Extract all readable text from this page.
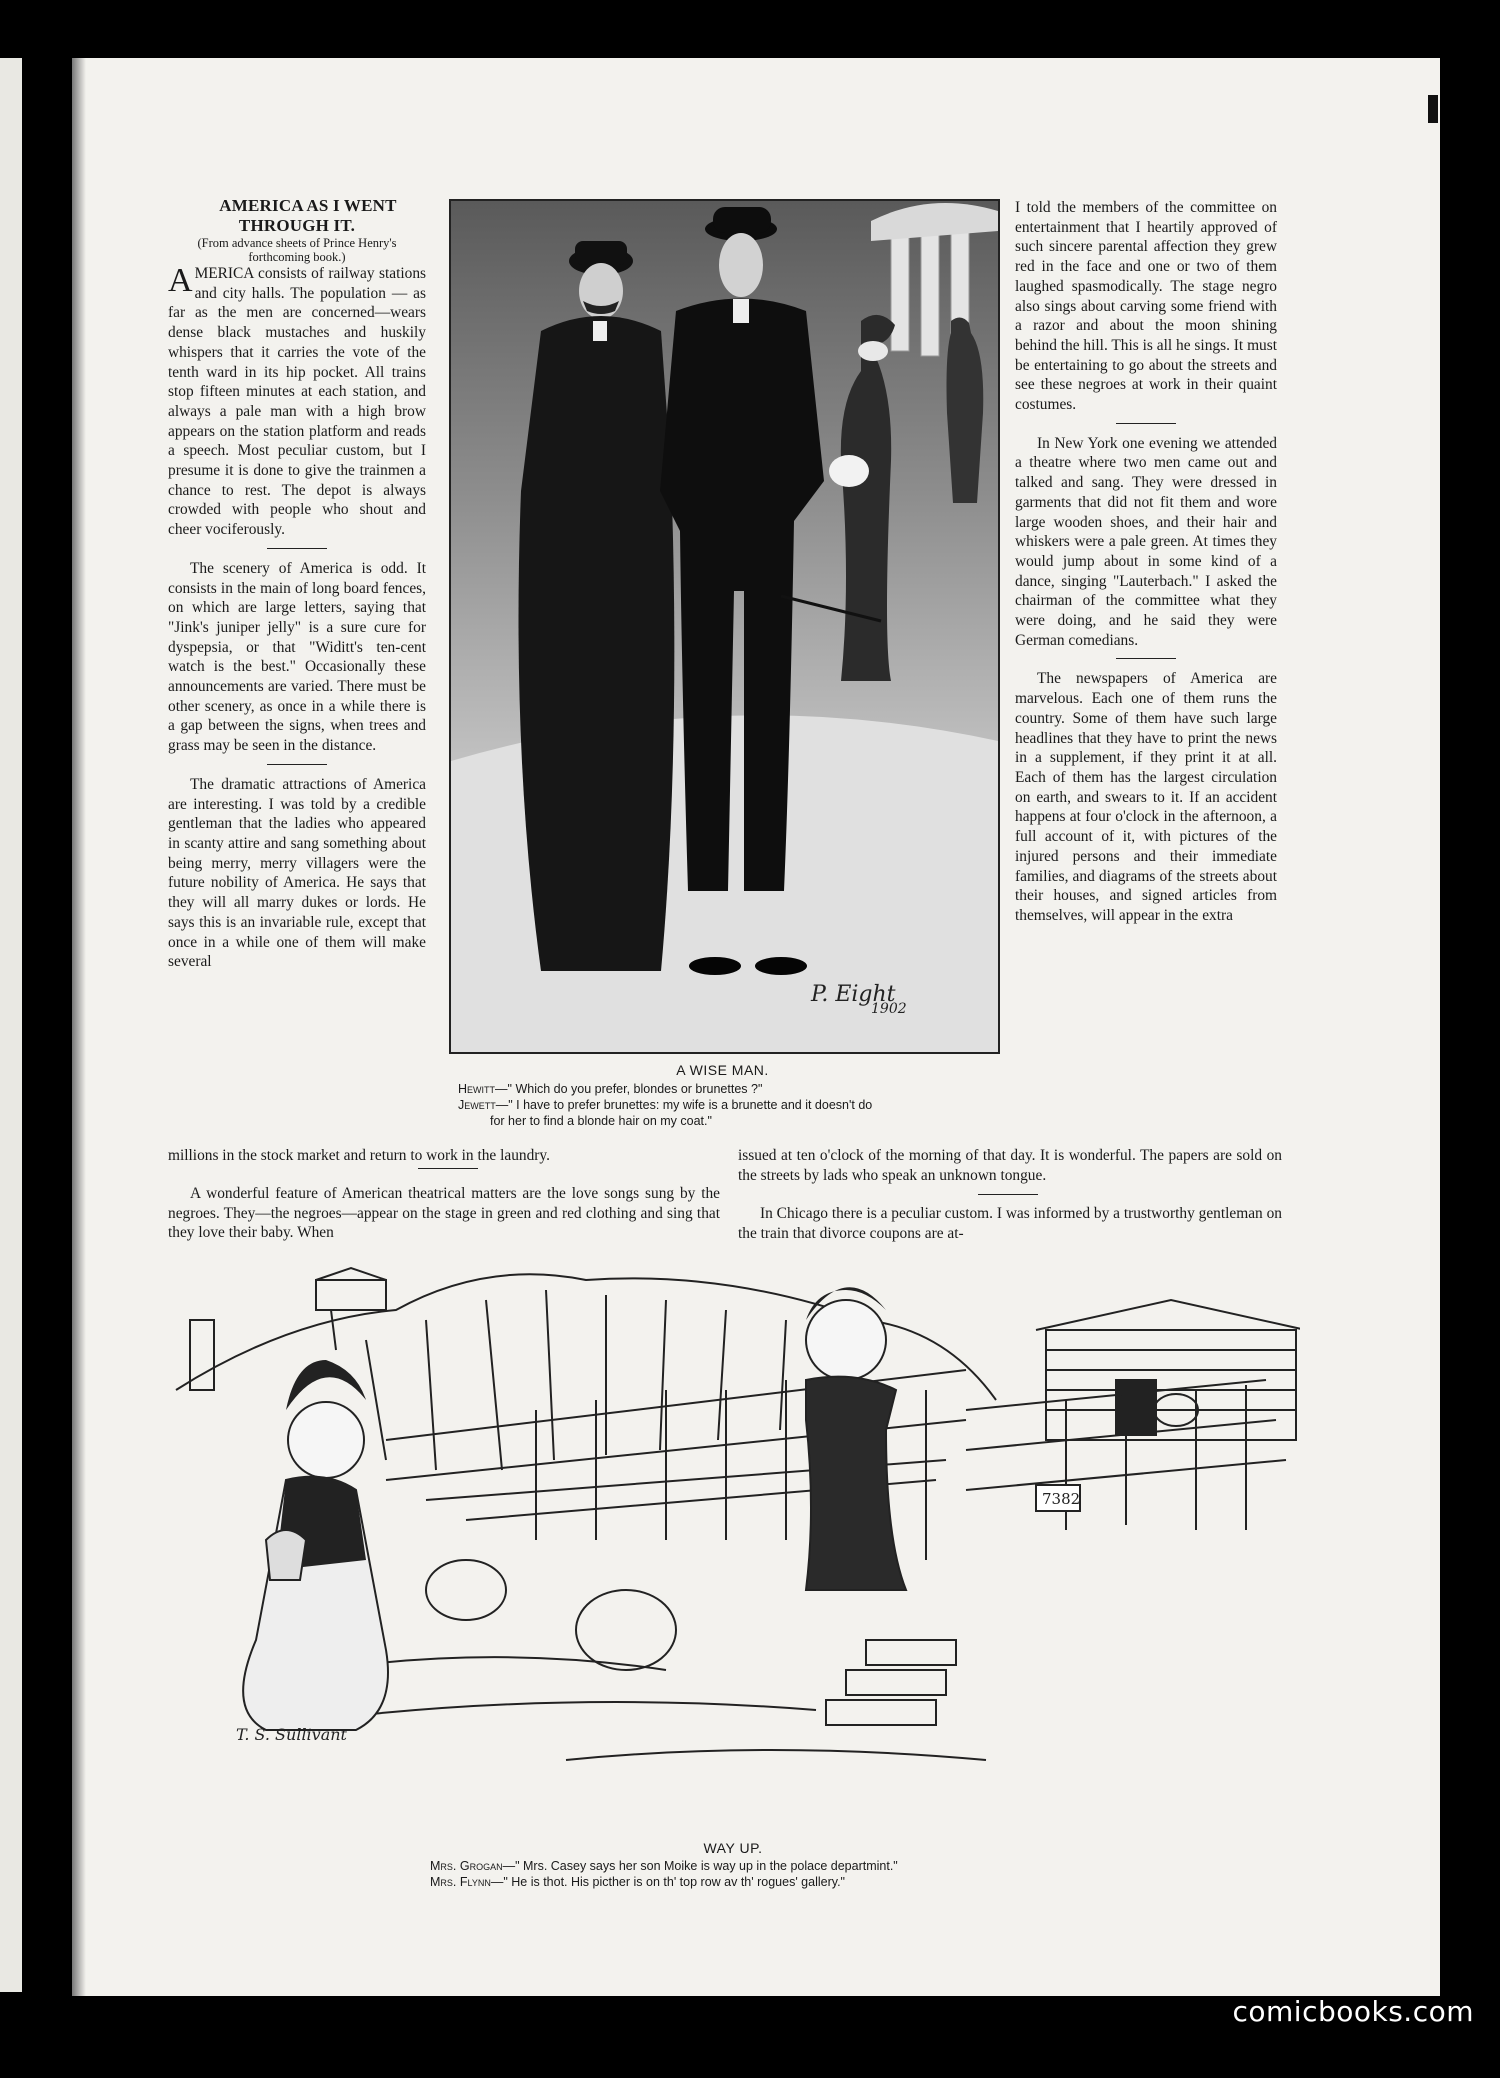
AMERICA AS I WENT THROUGH IT.

(From advance sheets of Prince Henry's forthcoming book.)

AMERICA consists of railway stations and city halls. The population — as far as the men are concerned—wears dense black mustaches and huskily whispers that it carries the vote of the tenth ward in its hip pocket. All trains stop fifteen minutes at each station, and always a pale man with a high brow appears on the station platform and reads a speech. Most peculiar custom, but I presume it is done to give the trainmen a chance to rest. The depot is always crowded with people who shout and cheer vociferously.

The scenery of America is odd. It consists in the main of long board fences, on which are large letters, saying that "Jink's juniper jelly" is a sure cure for dyspepsia, or that "Widitt's ten-cent watch is the best." Occasionally these announcements are varied. There must be other scenery, as once in a while there is a gap between the signs, when trees and grass may be seen in the distance.

The dramatic attractions of America are interesting. I was told by a credible gentleman that the ladies who appeared in scanty attire and sang something about being merry, merry villagers were the future nobility of America. He says that they will all marry dukes or lords. He says this is an invariable rule, except that once in a while one of them will make several

millions in the stock market and return to work in the laundry.

A wonderful feature of American theatrical matters are the love songs sung by the negroes. They—the negroes—appear on the stage in green and red clothing and sing that they love their baby. When

I told the members of the committee on entertainment that I heartily approved of such sincere parental affection they grew red in the face and one or two of them laughed spasmodically. The stage negro also sings about carving some friend with a razor and about the moon shining behind the hill. This is all he sings. It must be entertaining to go about the streets and see these negroes at work in their quaint costumes.

In New York one evening we attended a theatre where two men came out and talked and sang. They were dressed in garments that did not fit them and wore large wooden shoes, and their hair and whiskers were a pale green. At times they would jump about in some kind of a dance, singing "Lauterbach." I asked the chairman of the committee what they were doing, and he said they were German comedians.

The newspapers of America are marvelous. Each one of them runs the country. Some of them have such large headlines that they have to print the news in a supplement, if they print it at all. Each of them has the largest circulation on earth, and swears to it. If an accident happens at four o'clock in the afternoon, a full account of it, with pictures of the injured persons and their immediate families, and diagrams of the streets about their houses, and signed articles from themselves, will appear in the extra

issued at ten o'clock of the morning of that day. It is wonderful. The papers are sold on the streets by lads who speak an unknown tongue.

In Chicago there is a peculiar custom. I was informed by a trustworthy gentleman on the train that divorce coupons are at-

P. Eight
1902
A WISE MAN.
Hewitt—" Which do you prefer, blondes or brunettes ?"
Jewett—" I have to prefer brunettes: my wife is a brunette and it doesn't do
for her to find a blonde hair on my coat."
7382
T. S. Sullivant
WAY UP.
Mrs. Grogan—" Mrs. Casey says her son Moike is way up in the polace departmint."
Mrs. Flynn—" He is thot. His picther is on th' top row av th' rogues' gallery."
comicbooks.com
